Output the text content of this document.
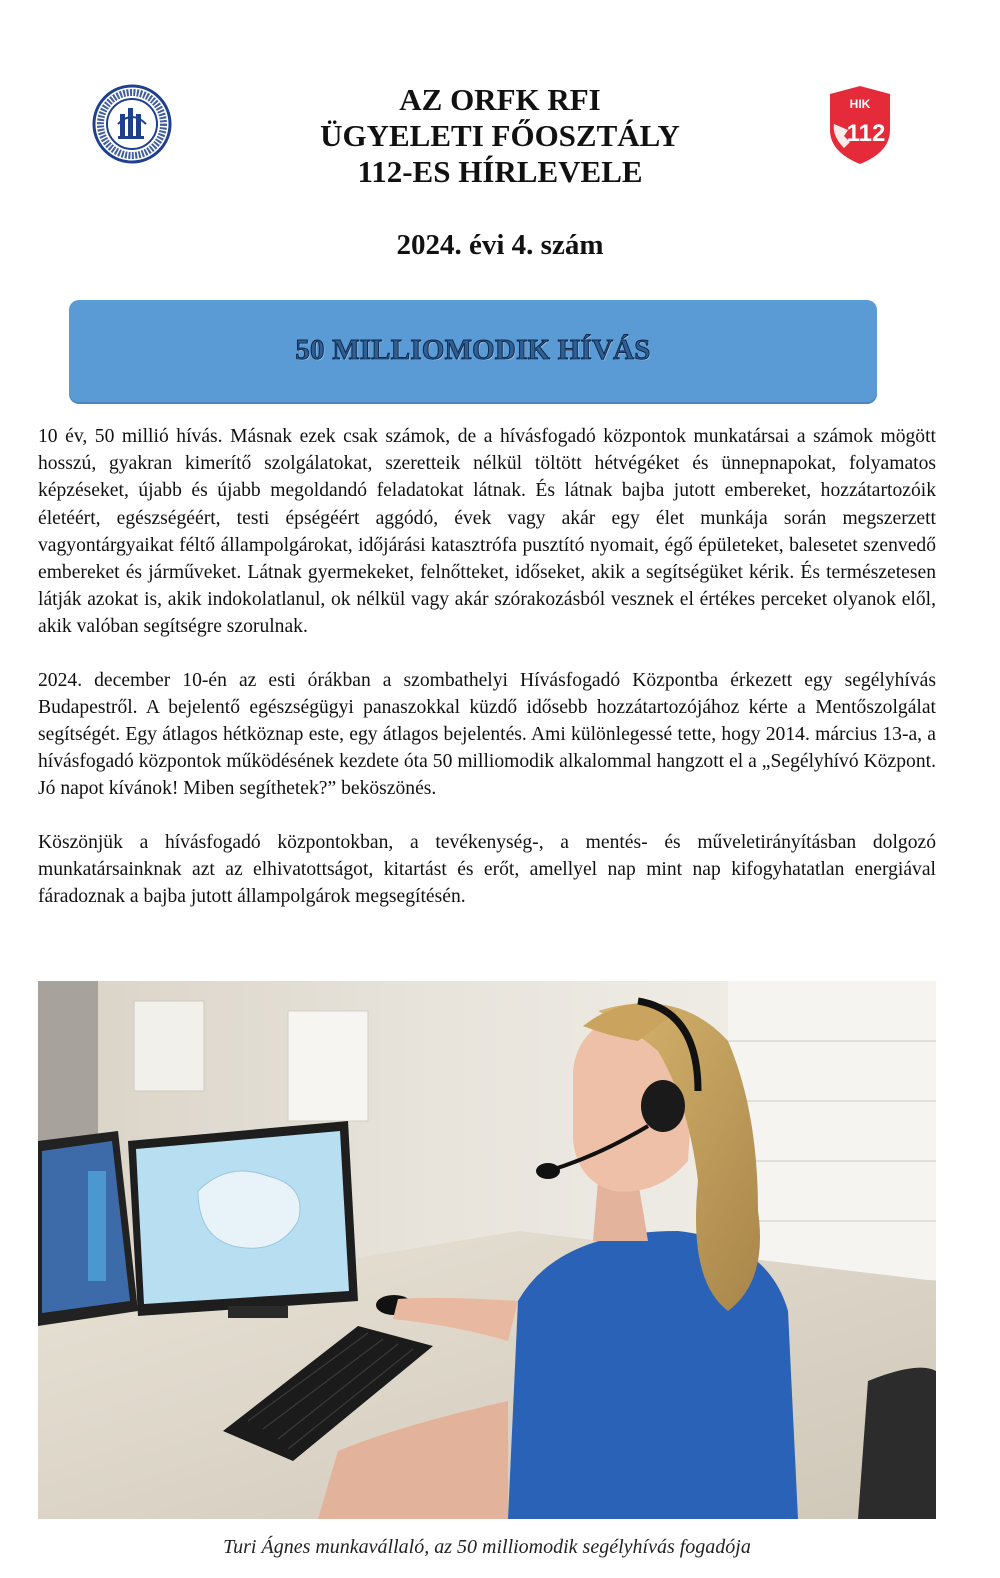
AZ ORFK RFI
ÜGYELETI FŐOSZTÁLY
112-ES HÍRLEVELE
HIK
112
2024. évi 4. szám
50 MILLIOMODIK HÍVÁS

10 év, 50 millió hívás. Másnak ezek csak számok, de a hívásfogadó központok munkatársai a számok mögött hosszú, gyakran kimerítő szolgálatokat, szeretteik nélkül töltött hétvégéket és ünnepnapokat, folyamatos képzéseket, újabb és újabb megoldandó feladatokat látnak. És látnak bajba jutott embereket, hozzátartozóik életéért, egészségéért, testi épségéért aggódó, évek vagy akár egy élet munkája során megszerzett vagyontárgyaikat féltő állampolgárokat, időjárási katasztrófa pusztító nyomait, égő épületeket, balesetet szenvedő embereket és járműveket. Látnak gyermekeket, felnőtteket, időseket, akik a segítségüket kérik. És természetesen látják azokat is, akik indokolatlanul, ok nélkül vagy akár szórakozásból vesznek el értékes perceket olyanok elől, akik valóban segítségre szorulnak.

2024. december 10-én az esti órákban a szombathelyi Hívásfogadó Központba érkezett egy segélyhívás Budapestről. A bejelentő egészségügyi panaszokkal küzdő idősebb hozzátartozójához kérte a Mentőszolgálat segítségét. Egy átlagos hétköznap este, egy átlagos bejelentés. Ami különlegessé tette, hogy 2014. március 13-a, a hívásfogadó központok működésének kezdete óta 50 milliomodik alkalommal hangzott el a „Segélyhívó Központ. Jó napot kívánok! Miben segíthetek?” beköszönés.

Köszönjük a hívásfogadó központokban, a tevékenység-, a mentés- és műveletirányításban dolgozó munkatársainknak azt az elhivatottságot, kitartást és erőt, amellyel nap mint nap kifogyhatatlan energiával fáradoznak a bajba jutott állampolgárok megsegítésén.

Turi Ágnes munkavállaló, az 50 milliomodik segélyhívás fogadója
